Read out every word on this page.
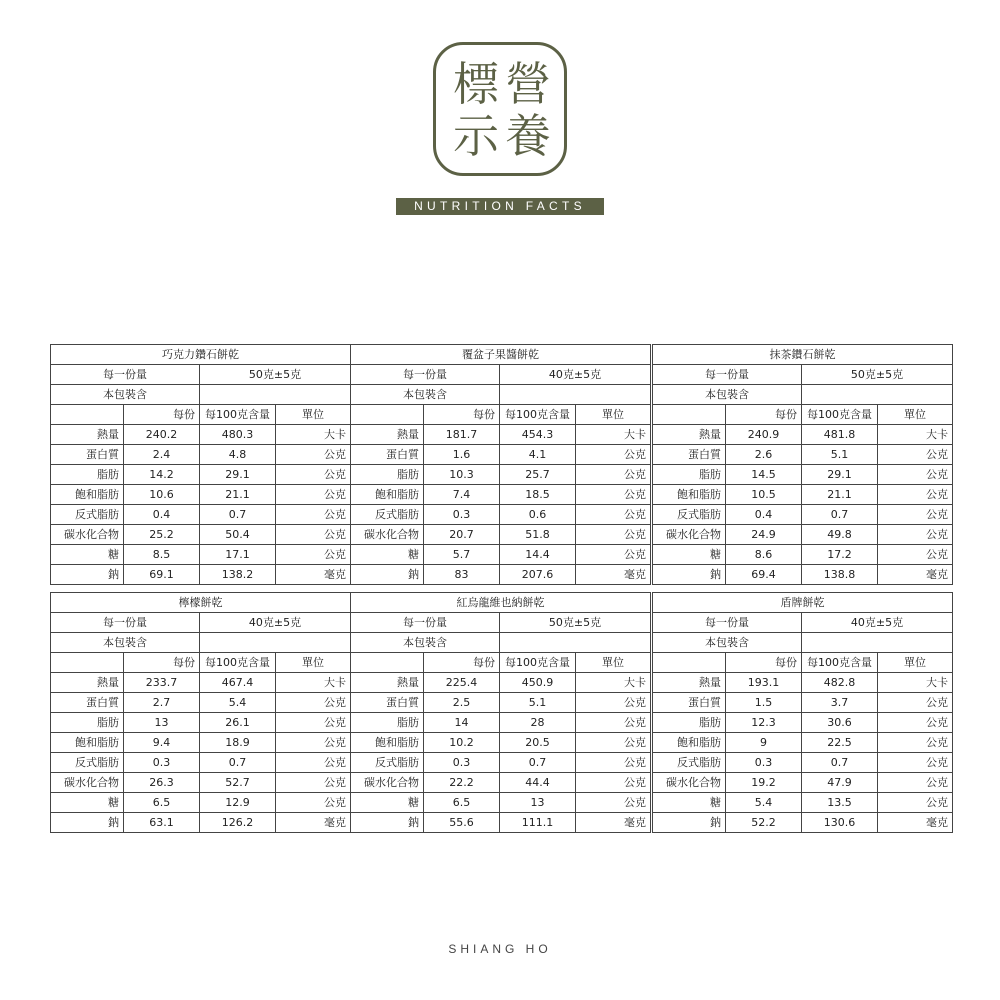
標 營
示 養
NUTRITION FACTS
巧克力鑽石餅乾			
每一份量		50克±5克	
本包裝含			
	每份	每100克含量	單位
熱量	240.2	480.3	大卡
蛋白質	2.4	4.8	公克
脂肪	14.2	29.1	公克
飽和脂肪	10.6	21.1	公克
反式脂肪	0.4	0.7	公克
碳水化合物	25.2	50.4	公克
糖	8.5	17.1	公克
鈉	69.1	138.2	毫克
覆盆子果醬餅乾			
每一份量		40克±5克	
本包裝含			
	每份	每100克含量	單位
熱量	181.7	454.3	大卡
蛋白質	1.6	4.1	公克
脂肪	10.3	25.7	公克
飽和脂肪	7.4	18.5	公克
反式脂肪	0.3	0.6	公克
碳水化合物	20.7	51.8	公克
糖	5.7	14.4	公克
鈉	83	207.6	毫克
抹茶鑽石餅乾			
每一份量		50克±5克	
本包裝含			
	每份	每100克含量	單位
熱量	240.9	481.8	大卡
蛋白質	2.6	5.1	公克
脂肪	14.5	29.1	公克
飽和脂肪	10.5	21.1	公克
反式脂肪	0.4	0.7	公克
碳水化合物	24.9	49.8	公克
糖	8.6	17.2	公克
鈉	69.4	138.8	毫克
檸檬餅乾			
每一份量		40克±5克	
本包裝含			
	每份	每100克含量	單位
熱量	233.7	467.4	大卡
蛋白質	2.7	5.4	公克
脂肪	13	26.1	公克
飽和脂肪	9.4	18.9	公克
反式脂肪	0.3	0.7	公克
碳水化合物	26.3	52.7	公克
糖	6.5	12.9	公克
鈉	63.1	126.2	毫克
紅烏龍維也納餅乾			
每一份量		50克±5克	
本包裝含			
	每份	每100克含量	單位
熱量	225.4	450.9	大卡
蛋白質	2.5	5.1	公克
脂肪	14	28	公克
飽和脂肪	10.2	20.5	公克
反式脂肪	0.3	0.7	公克
碳水化合物	22.2	44.4	公克
糖	6.5	13	公克
鈉	55.6	111.1	毫克
盾牌餅乾			
每一份量		40克±5克	
本包裝含			
	每份	每100克含量	單位
熱量	193.1	482.8	大卡
蛋白質	1.5	3.7	公克
脂肪	12.3	30.6	公克
飽和脂肪	9	22.5	公克
反式脂肪	0.3	0.7	公克
碳水化合物	19.2	47.9	公克
糖	5.4	13.5	公克
鈉	52.2	130.6	毫克
SHIANG HO
